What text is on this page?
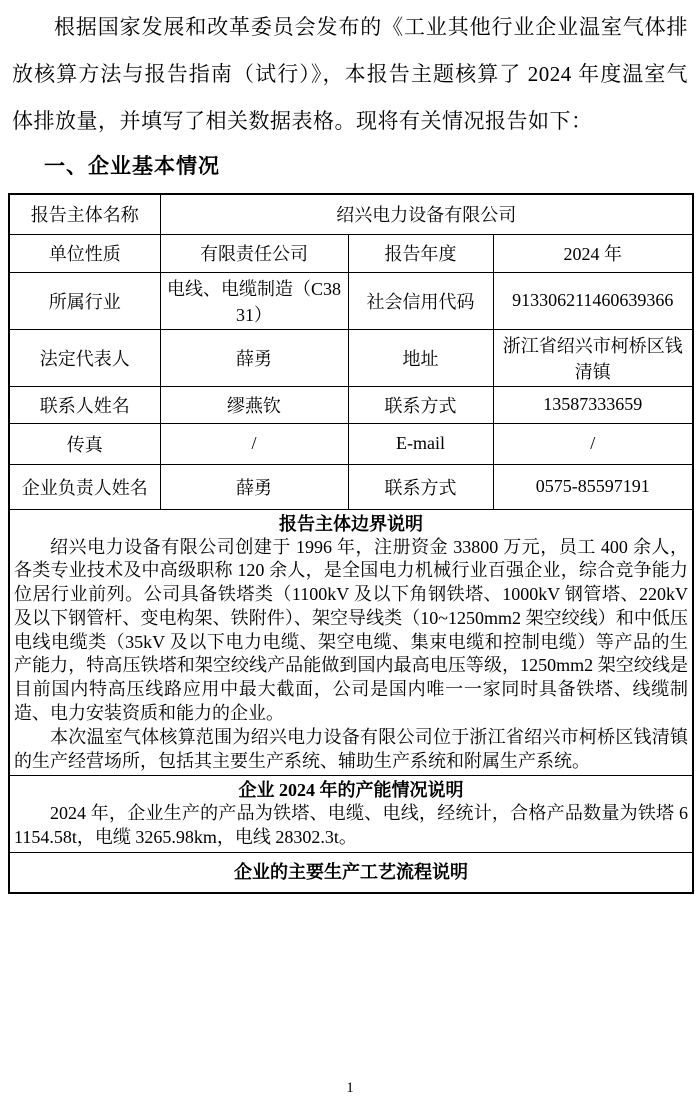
根据国家发展和改革委员会发布的《工业其他行业企业温室气体排放核算方法与报告指南（试行）》，本报告主题核算了 2024 年度温室气体排放量，并填写了相关数据表格。现将有关情况报告如下：

一、企业基本情况
报告主体名称	绍兴电力设备有限公司		
单位性质	有限责任公司	报告年度	2024 年
所属行业	电线、电缆制造（C3831）	社会信用代码	913306211460639366
法定代表人	薛勇	地址	浙江省绍兴市柯桥区钱清镇
联系人姓名	缪燕钦	联系方式	13587333659
传真	/	E-mail	/
企业负责人姓名	薛勇	联系方式	0575-85597191

报告主体边界说明

绍兴电力设备有限公司创建于 1996 年，注册资金 33800 万元，员工 400 余人，各类专业技术及中高级职称 120 余人，是全国电力机械行业百强企业，综合竞争能力位居行业前列。公司具备铁塔类（1100kV 及以下角钢铁塔、1000kV 钢管塔、220kV 及以下钢管杆、变电构架、铁附件）、架空导线类（10~1250mm2 架空绞线）和中低压电线电缆类（35kV 及以下电力电缆、架空电缆、集束电缆和控制电缆）等产品的生产能力，特高压铁塔和架空绞线产品能做到国内最高电压等级，1250mm2 架空绞线是目前国内特高压线路应用中最大截面，公司是国内唯一一家同时具备铁塔、线缆制造、电力安装资质和能力的企业。

本次温室气体核算范围为绍兴电力设备有限公司位于浙江省绍兴市柯桥区钱清镇的生产经营场所，包括其主要生产系统、辅助生产系统和附属生产系统。			

企业 2024 年的产能情况说明

2024 年，企业生产的产品为铁塔、电缆、电线，经统计，合格产品数量为铁塔 61154.58t，电缆 3265.98km，电线 28302.3t。			

企业的主要生产工艺流程说明			
1
